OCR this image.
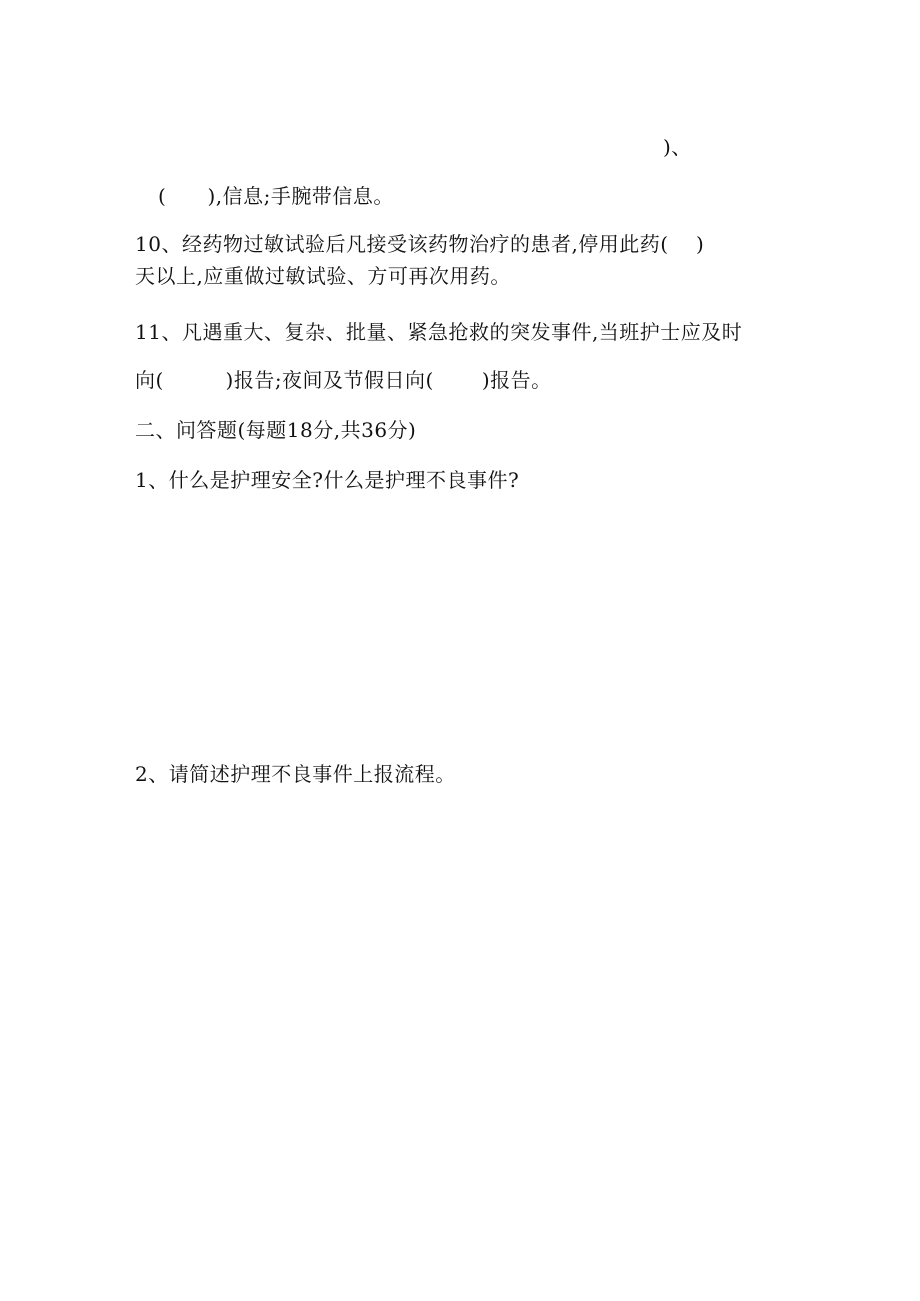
)、
(      ),信息;手腕带信息。
10、经药物过敏试验后凡接受该药物治疗的患者,停用此药(    )
天以上,应重做过敏试验、方可再次用药。
11、凡遇重大、复杂、批量、紧急抢救的突发事件,当班护士应及时
向(         )报告;夜间及节假日向(       )报告。
二、问答题(每题18分,共36分)
1、什么是护理安全?什么是护理不良事件?
2、请简述护理不良事件上报流程。
